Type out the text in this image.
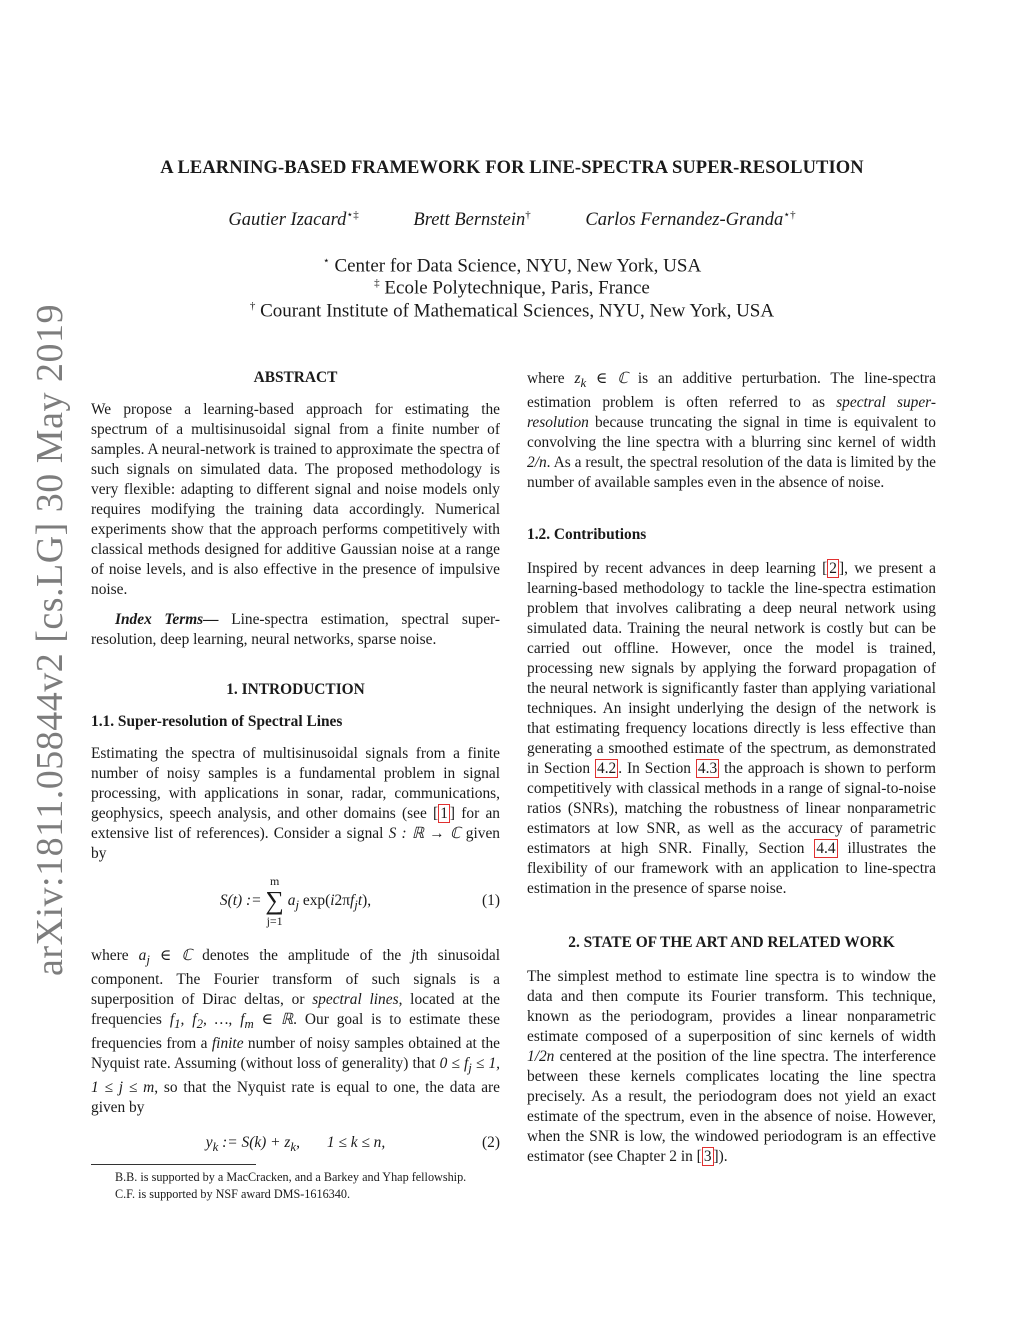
arXiv:1811.05844v2 [cs.LG] 30 May 2019
A LEARNING-BASED FRAMEWORK FOR LINE-SPECTRA SUPER-RESOLUTION
Gautier Izacard⋆‡	Brett Bernstein†	Carlos Fernandez-Granda⋆†
⋆ Center for Data Science, NYU, New York, USA
‡ Ecole Polytechnique, Paris, France
† Courant Institute of Mathematical Sciences, NYU, New York, USA
ABSTRACT

We propose a learning-based approach for estimating the spectrum of a multisinusoidal signal from a finite number of samples. A neural-network is trained to approximate the spectra of such signals on simulated data. The proposed methodology is very flexible: adapting to different signal and noise models only requires modifying the training data accordingly. Numerical experiments show that the approach performs competitively with classical methods designed for additive Gaussian noise at a range of noise levels, and is also effective in the presence of impulsive noise.

Index Terms— Line-spectra estimation, spectral super-resolution, deep learning, neural networks, sparse noise.

1. INTRODUCTION
1.1. Super-resolution of Spectral Lines

Estimating the spectra of multisinusoidal signals from a finite number of noisy samples is a fundamental problem in signal processing, with applications in sonar, radar, communications, geophysics, speech analysis, and other domains (see [ 1 ] for an extensive list of references). Consider a signal S : ℝ → ℂ given by

S(t) := m
∑
j=1 $a_j$ $\exp(i2\pi f_jt)$,	(1)

where $a_j$ ∈ ℂ denotes the amplitude of the jth sinusoidal component. The Fourier transform of such signals is a superposition of Dirac deltas, or spectral lines, located at the frequencies $f_1$, $f_2$, …, $f_m$ ∈ ℝ. Our goal is to estimate these frequencies from a finite number of noisy samples obtained at the Nyquist rate. Assuming (without loss of generality) that $0 \le f_j \le 1$, 1 ≤ j ≤ m, so that the Nyquist rate is equal to one, the data are given by

$y_k$ := $S(k) + z_k$, 1 ≤ k ≤ n,	(2)
B.B. is supported by a MacCracken, and a Barkey and Yhap fellowship.
C.F. is supported by NSF award DMS-1616340.

where $z_k$ ∈ ℂ is an additive perturbation. The line-spectra estimation problem is often referred to as spectral super-resolution because truncating the signal in time is equivalent to convolving the line spectra with a blurring sinc kernel of width 2/n. As a result, the spectral resolution of the data is limited by the number of available samples even in the absence of noise.

1.2. Contributions

Inspired by recent advances in deep learning [ 2 ], we present a learning-based methodology to tackle the line-spectra estimation problem that involves calibrating a deep neural network using simulated data. Training the neural network is costly but can be carried out offline. However, once the model is trained, processing new signals by applying the forward propagation of the neural network is significantly faster than applying variational techniques. An insight underlying the design of the network is that estimating frequency locations directly is less effective than generating a smoothed estimate of the spectrum, as demonstrated in Section 4.2 . In Section 4.3 the approach is shown to perform competitively with classical methods in a range of signal-to-noise ratios (SNRs), matching the robustness of linear nonparametric estimators at low SNR, as well as the accuracy of parametric estimators at high SNR. Finally, Section 4.4 illustrates the flexibility of our framework with an application to line-spectra estimation in the presence of sparse noise.

2. STATE OF THE ART AND RELATED WORK

The simplest method to estimate line spectra is to window the data and then compute its Fourier transform. This technique, known as the periodogram, provides a linear nonparametric estimate composed of a superposition of sinc kernels of width 1/2n centered at the position of the line spectra. The interference between these kernels complicates locating the line spectra precisely. As a result, the periodogram does not yield an exact estimate of the spectrum, even in the absence of noise. However, when the SNR is low, the windowed periodogram is an effective estimator (see Chapter 2 in [ 3 ]).
